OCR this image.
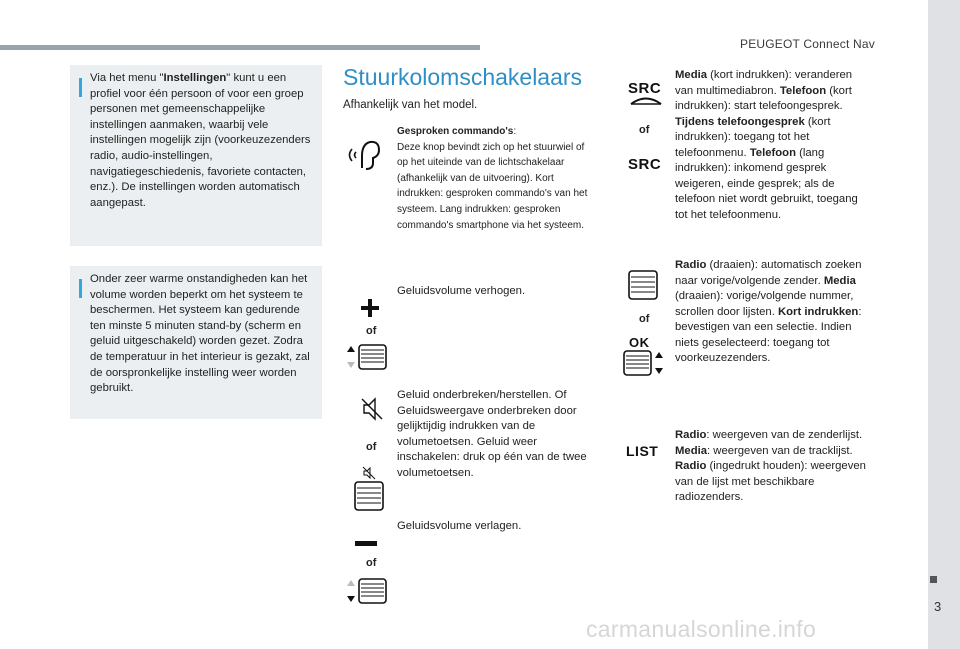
PEUGEOT Connect Nav
3
carmanualsonline.info

Via het menu "Instellingen" kunt u een profiel voor één persoon of voor een groep personen met gemeenschappelijke instellingen aanmaken, waarbij vele instellingen mogelijk zijn (voorkeuzezenders radio, audio-instellingen, navigatiegeschiedenis, favoriete contacten, enz.). De instellingen worden automatisch aangepast.

Onder zeer warme onstandigheden kan het volume worden beperkt om het systeem te beschermen. Het systeem kan gedurende ten minste 5 minuten stand-by (scherm en geluid uitgeschakeld) worden gezet. Zodra de temperatuur in het interieur is gezakt, zal de oorspronkelijke instelling weer worden gebruikt.

Stuurkolomschakelaars
Afhankelijk van het model.
Gesproken commando's:
Deze knop bevindt zich op het stuurwiel of op het uiteinde van de lichtschakelaar (afhankelijk van de uitvoering). Kort indrukken: gesproken commando's van het systeem. Lang indrukken: gesproken commando's smartphone via het systeem.
of
Geluidsvolume verhogen.
of
Geluid onderbreken/herstellen. Of Geluidsweergave onderbreken door gelijktijdig indrukken van de volumetoetsen. Geluid weer inschakelen: druk op één van de twee volumetoetsen.
of
Geluidsvolume verlagen.
SRC
of
SRC
Media (kort indrukken): veranderen van multimediabron. Telefoon (kort indrukken): start telefoongesprek. Tijdens telefoongesprek (kort indrukken): toegang tot het telefoonmenu. Telefoon (lang indrukken): inkomend gesprek weigeren, einde gesprek; als de telefoon niet wordt gebruikt, toegang tot het telefoonmenu.
of
OK
Radio (draaien): automatisch zoeken naar vorige/volgende zender. Media (draaien): vorige/volgende nummer, scrollen door lijsten. Kort indrukken: bevestigen van een selectie. Indien niets geselecteerd: toegang tot voorkeuzezenders.
LIST
Radio: weergeven van de zenderlijst. Media: weergeven van de tracklijst. Radio (ingedrukt houden): weergeven van de lijst met beschikbare radiozenders.
